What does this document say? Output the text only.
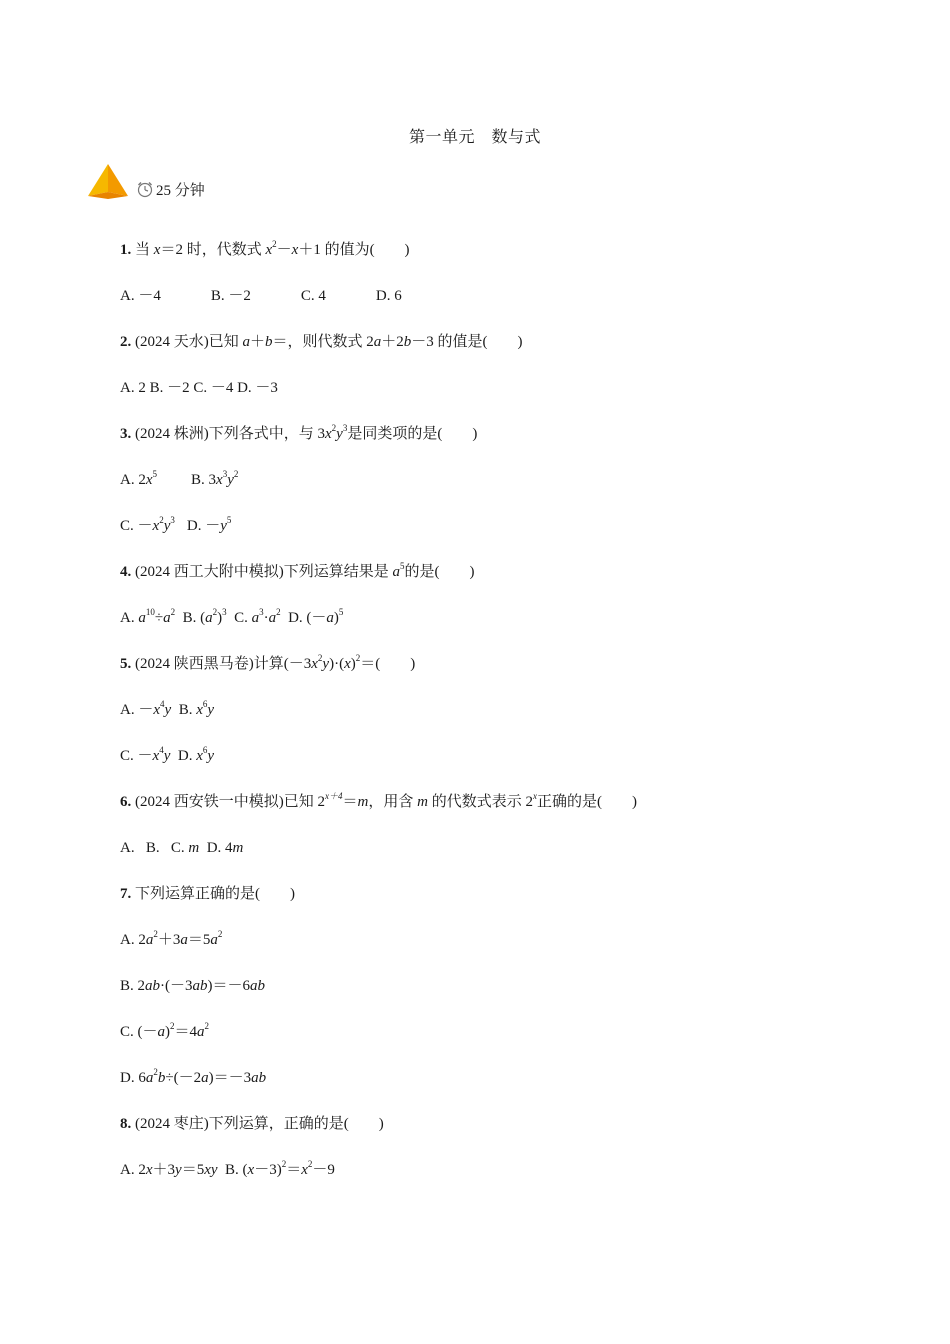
第一单元　数与式
25 分钟
1. 当 x＝2 时，代数式 $x^2-x+1$ 的值为(　　)
A. －4	B. －2	C. 4	D. 6
2. (2024 天水)已知 a＋b＝，则代数式 2a＋2b－3 的值是(　　)
A. 2 B. －2 C. －4 D. －3
3. (2024 株洲)下列各式中，与 $3x^2y^3$是同类项的是(　　)
A. $2x^5$ B. $3x^3y^2$
C. $-x^2y^3$ D. $-y^5$
4. (2024 西工大附中模拟)下列运算结果是 $a^5$的是(　　)
A. $a^{10}\div a^2$  B. $(a^2)^3$  C. $a^3\cdot a^2$  D. $(-a)^5$
5. (2024 陕西黑马卷)计算$(-3x^2y)\cdot(x)^2=$(　　)
A. $-x^4y$  B. $x^6y$
C. $-x^4y$  D. $x^6y$
6. (2024 西安铁一中模拟)已知 $2^{x+4}=m$，用含 m 的代数式表示 2$^x$正确的是(　　)
A.   B.   C. m  D. 4m
7. 下列运算正确的是(　　)
A. $2a^2+3a=5a^2$
B. 2ab·(－3ab)＝－6ab
C. $(-a)^2=4a^2$
D. $6a^2b\div(-2a)=-3ab$
8. (2024 枣庄)下列运算，正确的是(　　)
A. 2x＋3y＝5xy  B. $(x-3)^2=x^2-9$
